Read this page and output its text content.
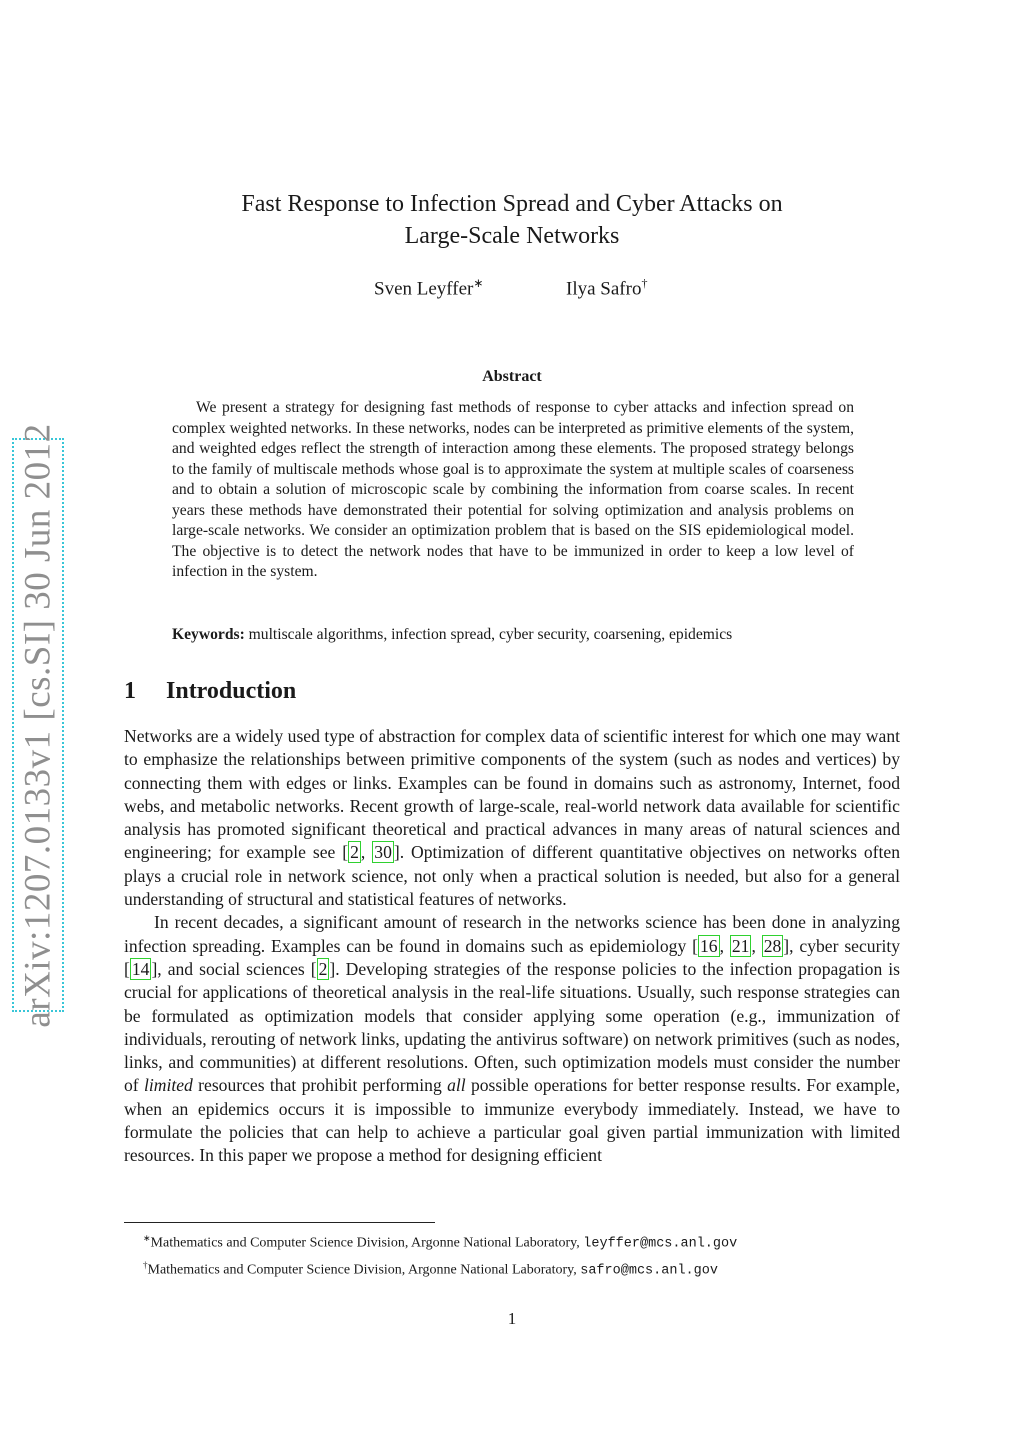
arXiv:1207.0133v1 [cs.SI] 30 Jun 2012
Fast Response to Infection Spread and Cyber Attacks on
Large-Scale Networks
Sven Leyffer∗	Ilya Safro†
Abstract

We present a strategy for designing fast methods of response to cyber attacks and infection spread on complex weighted networks. In these networks, nodes can be interpreted as primitive elements of the system, and weighted edges reflect the strength of interaction among these elements. The proposed strategy belongs to the family of multiscale methods whose goal is to approximate the system at multiple scales of coarseness and to obtain a solution of microscopic scale by combining the information from coarse scales. In recent years these methods have demonstrated their potential for solving optimization and analysis problems on large-scale networks. We consider an optimization problem that is based on the SIS epidemiological model. The objective is to detect the network nodes that have to be immunized in order to keep a low level of infection in the system.

Keywords: multiscale algorithms, infection spread, cyber security, coarsening, epidemics
1 Introduction

Networks are a widely used type of abstraction for complex data of scientific interest for which one may want to emphasize the relationships between primitive components of the system (such as nodes and vertices) by connecting them with edges or links. Examples can be found in domains such as astronomy, Internet, food webs, and metabolic networks. Recent growth of large-scale, real-world network data available for scientific analysis has promoted significant theoretical and practical advances in many areas of natural sciences and engineering; for example see [ 2 , 30 ]. Optimization of different quantitative objectives on networks often plays a crucial role in network science, not only when a practical solution is needed, but also for a general understanding of structural and statistical features of networks.

In recent decades, a significant amount of research in the networks science has been done in analyzing infection spreading. Examples can be found in domains such as epidemiology [ 16 , 21 , 28 ], cyber security [ 14 ], and social sciences [ 2 ]. Developing strategies of the response policies to the infection propagation is crucial for applications of theoretical analysis in the real-life situations. Usually, such response strategies can be formulated as optimization models that consider applying some operation (e.g., immunization of individuals, rerouting of network links, updating the antivirus software) on network primitives (such as nodes, links, and communities) at different resolutions. Often, such optimization models must consider the number of limited resources that prohibit performing all possible operations for better response results. For example, when an epidemics occurs it is impossible to immunize everybody immediately. Instead, we have to formulate the policies that can help to achieve a particular goal given partial immunization with limited resources. In this paper we propose a method for designing efficient

∗Mathematics and Computer Science Division, Argonne National Laboratory, leyffer@mcs.anl.gov
†Mathematics and Computer Science Division, Argonne National Laboratory, safro@mcs.anl.gov
1
